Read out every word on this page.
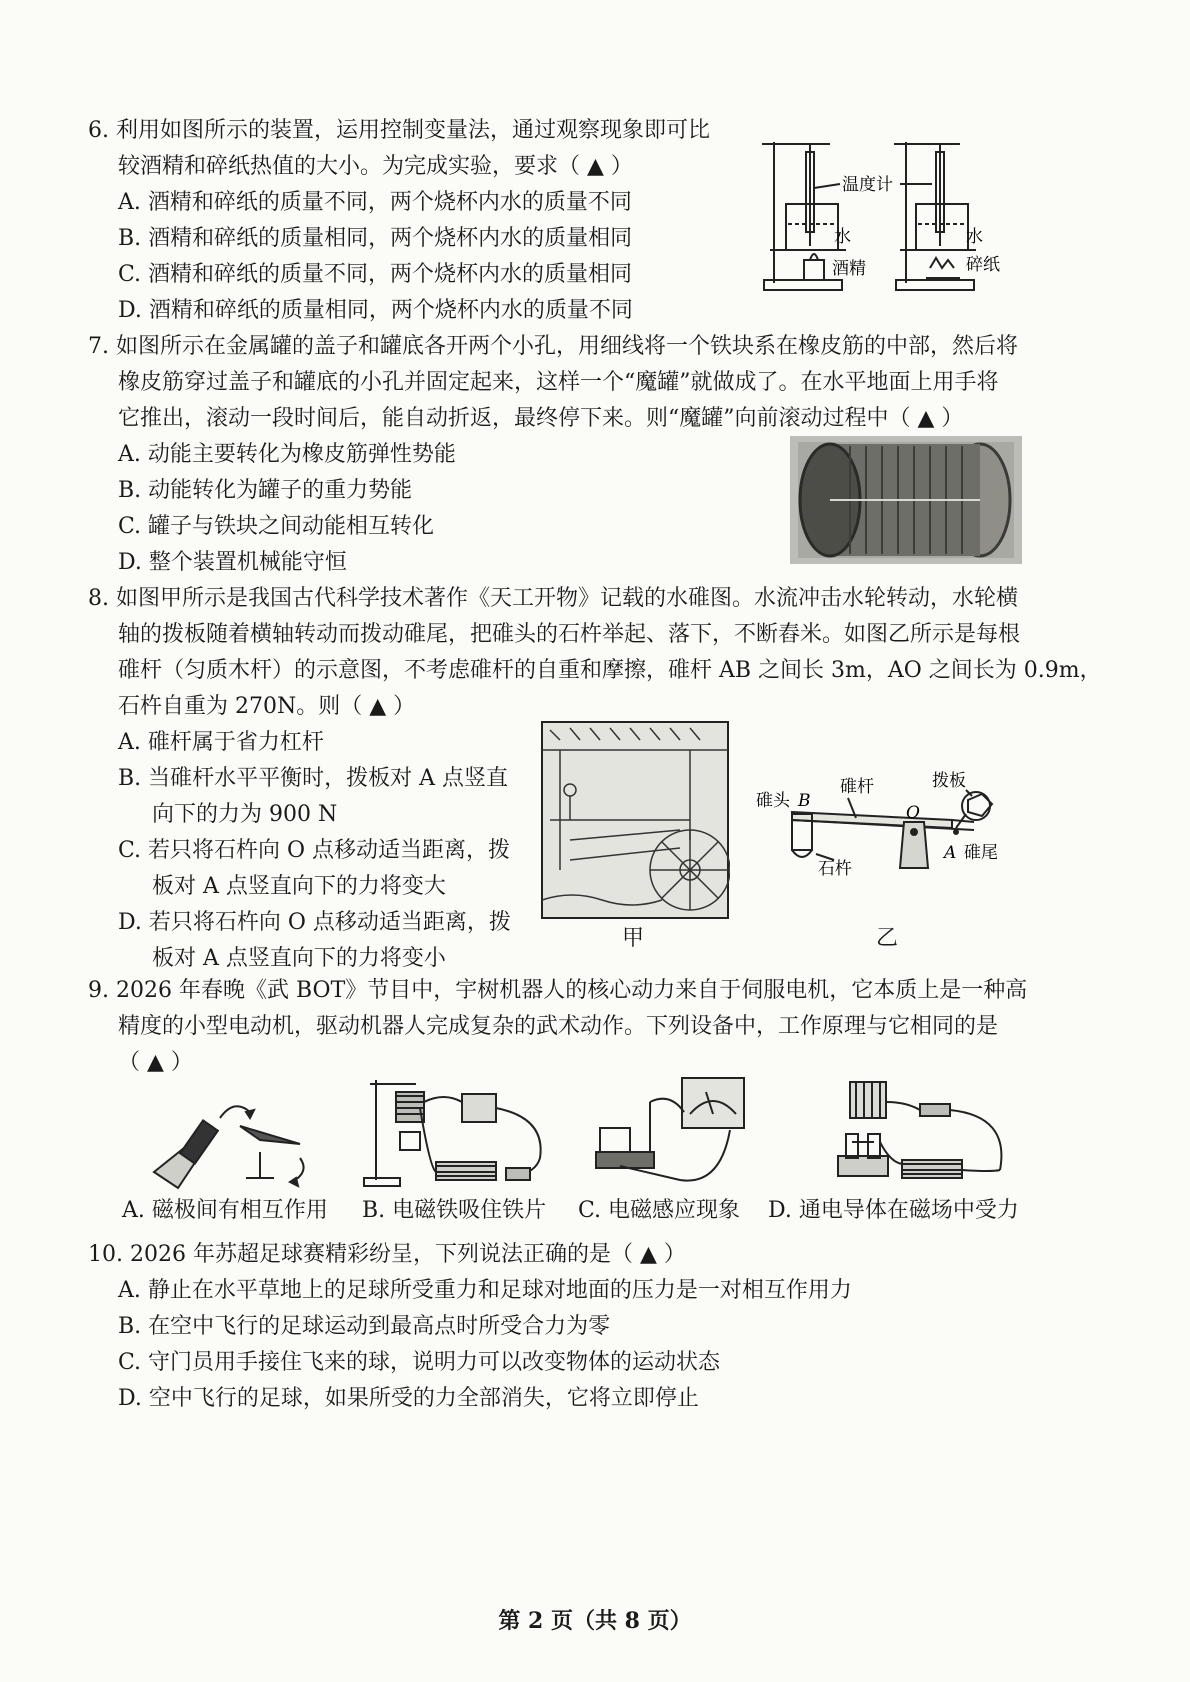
6. 利用如图所示的装置，运用控制变量法，通过观察现象即可比
较酒精和碎纸热值的大小。为完成实验，要求（ ▲ ）
A. 酒精和碎纸的质量不同，两个烧杯内水的质量不同
B. 酒精和碎纸的质量相同，两个烧杯内水的质量相同
C. 酒精和碎纸的质量不同，两个烧杯内水的质量相同
D. 酒精和碎纸的质量相同，两个烧杯内水的质量不同
温度计
水
酒精
水
碎纸
7. 如图所示在金属罐的盖子和罐底各开两个小孔，用细线将一个铁块系在橡皮筋的中部，然后将
橡皮筋穿过盖子和罐底的小孔并固定起来，这样一个“魔罐”就做成了。在水平地面上用手将
它推出，滚动一段时间后，能自动折返，最终停下来。则“魔罐”向前滚动过程中（ ▲ ）
A. 动能主要转化为橡皮筋弹性势能
B. 动能转化为罐子的重力势能
C. 罐子与铁块之间动能相互转化
D. 整个装置机械能守恒
8. 如图甲所示是我国古代科学技术著作《天工开物》记载的水碓图。水流冲击水轮转动，水轮横
轴的拨板随着横轴转动而拨动碓尾，把碓头的石杵举起、落下，不断舂米。如图乙所示是每根
碓杆（匀质木杆）的示意图，不考虑碓杆的自重和摩擦，碓杆 AB 之间长 3m，AO 之间长为 0.9m，
石杵自重为 270N。则（ ▲ ）
A. 碓杆属于省力杠杆
B. 当碓杆水平平衡时，拨板对 A 点竖直
向下的力为 900 N
C. 若只将石杵向 O 点移动适当距离，拨
板对 A 点竖直向下的力将变大
D. 若只将石杵向 O 点移动适当距离，拨
板对 A 点竖直向下的力将变小
甲
碓头 B
碓杆
O
拨板
A 碓尾
石杵
乙
9. 2026 年春晚《武 BOT》节目中，宇树机器人的核心动力来自于伺服电机，它本质上是一种高
精度的小型电动机，驱动机器人完成复杂的武术动作。下列设备中，工作原理与它相同的是
（ ▲ ）
A. 磁极间有相互作用 B. 电磁铁吸住铁片 C. 电磁感应现象 D. 通电导体在磁场中受力
10. 2026 年苏超足球赛精彩纷呈，下列说法正确的是（ ▲ ）
A. 静止在水平草地上的足球所受重力和足球对地面的压力是一对相互作用力
B. 在空中飞行的足球运动到最高点时所受合力为零
C. 守门员用手接住飞来的球，说明力可以改变物体的运动状态
D. 空中飞行的足球，如果所受的力全部消失，它将立即停止
第 2 页（共 8 页）
